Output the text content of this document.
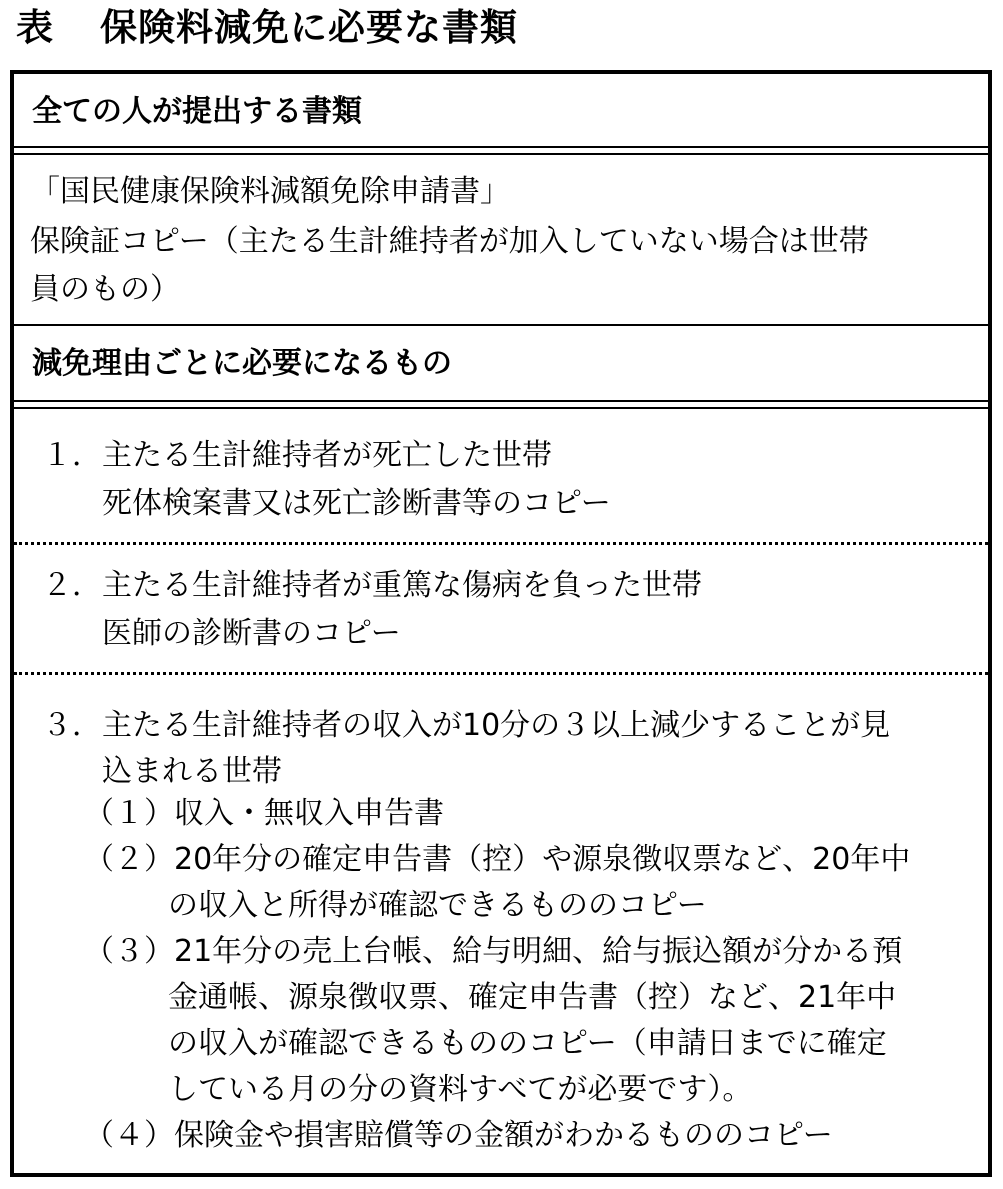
表 保険料減免に必要な書類
全ての人が提出する書類
「国民健康保険料減額免除申請書」
保険証コピー（主たる生計維持者が加入していない場合は世帯
員のもの）
減免理由ごとに必要になるもの
１．主たる生計維持者が死亡した世帯
死体検案書又は死亡診断書等のコピー
２．主たる生計維持者が重篤な傷病を負った世帯
医師の診断書のコピー
３．主たる生計維持者の収入が10分の３以上減少することが見
込まれる世帯
（１）収入・無収入申告書
（２）20年分の確定申告書（控）や源泉徴収票など、20年中
の収入と所得が確認できるもののコピー
（３）21年分の売上台帳、給与明細、給与振込額が分かる預
金通帳、源泉徴収票、確定申告書（控）など、21年中
の収入が確認できるもののコピー（申請日までに確定
している月の分の資料すべてが必要です）。
（４）保険金や損害賠償等の金額がわかるもののコピー
